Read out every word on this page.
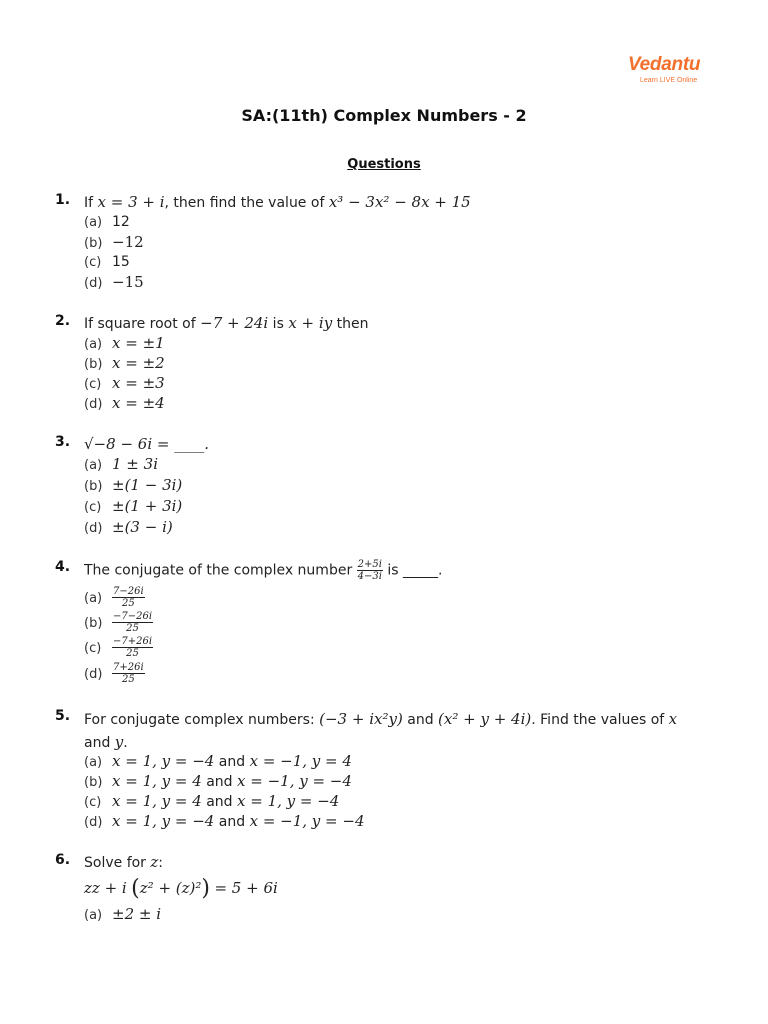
Vedantu
Learn LIVE Online
SA:(11th) Complex Numbers - 2
Questions
1. If x = 3 + i, then find the value of x³ − 3x² − 8x + 15
(a) 12
(b) −12
(c) 15
(d) −15
2. If square root of −7 + 24i is x + iy then
(a) x = ±1
(b) x = ±2
(c) x = ±3
(d) x = ±4
3. √−8 − 6i = ____.
(a) 1 ± 3i
(b) ±(1 − 3i)
(c) ±(1 + 3i)
(d) ±(3 − i)
4. The conjugate of the complex number $\frac{2+5i}{4-3i}$ is _____.
$(a) \frac{7-26i}{25}$
$(b) \frac{-7-26i}{25}$
$(c) \frac{-7+26i}{25}$
$(d) \frac{7+26i}{25}$
5. For conjugate complex numbers: (−3 + ix²y) and (x² + y + 4i). Find the values of x
and y.
(a) x = 1, y = −4 and x = −1, y = 4
(b) x = 1, y = 4 and x = −1, y = −4
(c) x = 1, y = 4 and x = 1, y = −4
(d) x = 1, y = −4 and x = −1, y = −4
6. Solve for z:
zz + i (z² + (z)²) = 5 + 6i
(a) ±2 ± i
